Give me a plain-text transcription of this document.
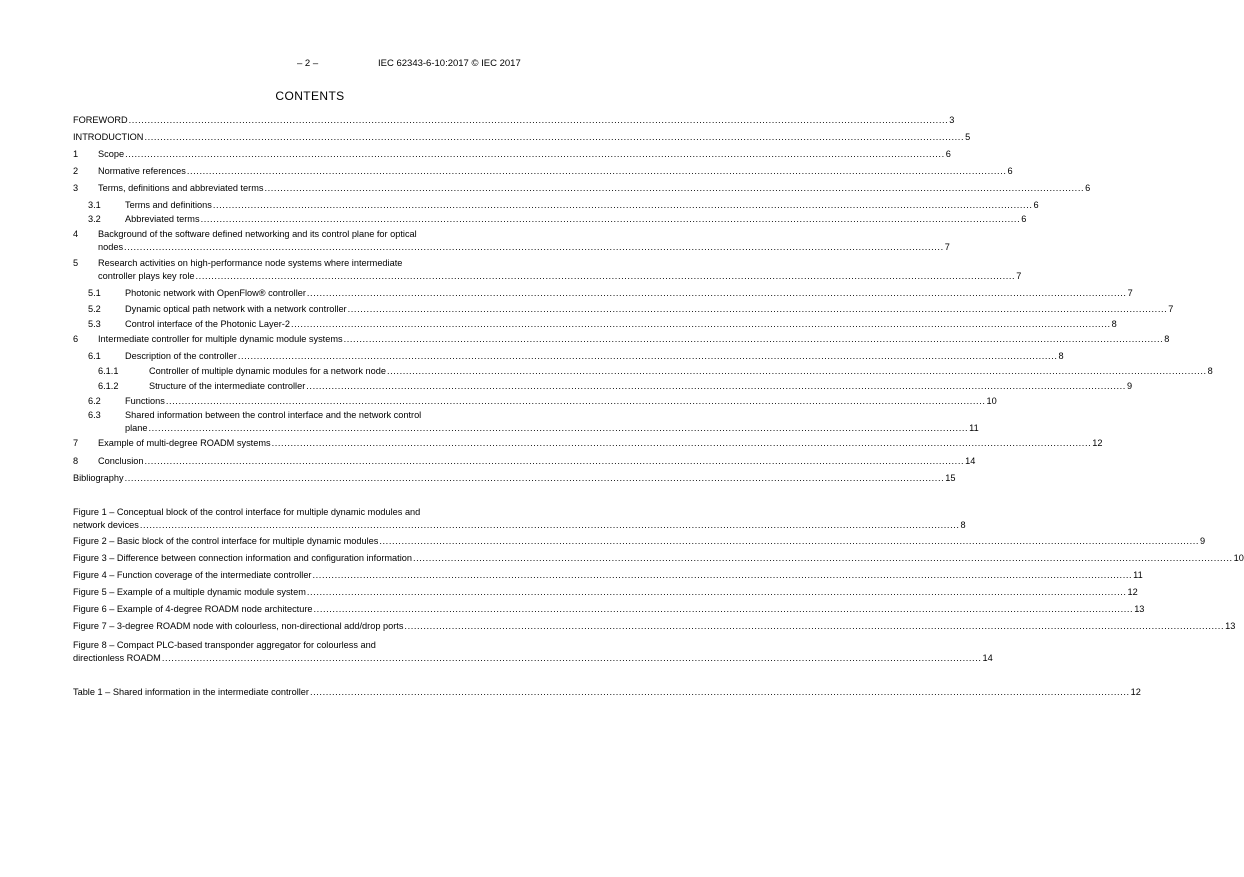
– 2 –	IEC 62343-6-10:2017 © IEC 2017
CONTENTS
FOREWORD .................................................................................................................................................................................................................................................................... 3
INTRODUCTION .................................................................................................................................................................................................................................................................... 5
1 Scope .................................................................................................................................................................................................................................................................... 6
2 Normative references .................................................................................................................................................................................................................................................................... 6
3 Terms, definitions and abbreviated terms .................................................................................................................................................................................................................................................................... 6
3.1	Terms and definitions .................................................................................................................................................................................................................................................................... 6
3.2	Abbreviated terms .................................................................................................................................................................................................................................................................... 6
4	Background of the software defined networking and its control plane for optical
nodes .................................................................................................................................................................................................................................................................... 7
5	Research activities on high-performance node systems where intermediate
controller plays key role .................................................................................................................................................................................................................................................................... 7
5.1	Photonic network with OpenFlow® controller .................................................................................................................................................................................................................................................................... 7
5.2	Dynamic optical path network with a network controller .................................................................................................................................................................................................................................................................... 7
5.3	Control interface of the Photonic Layer-2 .................................................................................................................................................................................................................................................................... 8
6 Intermediate controller for multiple dynamic module systems .................................................................................................................................................................................................................................................................... 8
6.1	Description of the controller .................................................................................................................................................................................................................................................................... 8
6.1.1	Controller of multiple dynamic modules for a network node .................................................................................................................................................................................................................................................................... 8
6.1.2	Structure of the intermediate controller .................................................................................................................................................................................................................................................................... 9
6.2	Functions .................................................................................................................................................................................................................................................................... 10
6.3	Shared information between the control interface and the network control
plane .................................................................................................................................................................................................................................................................... 11
7 Example of multi-degree ROADM systems .................................................................................................................................................................................................................................................................... 12
8 Conclusion .................................................................................................................................................................................................................................................................... 14
Bibliography .................................................................................................................................................................................................................................................................... 15
Figure 1 – Conceptual block of the control interface for multiple dynamic modules and
network devices .................................................................................................................................................................................................................................................................... 8
Figure 2 – Basic block of the control interface for multiple dynamic modules .................................................................................................................................................................................................................................................................... 9
Figure 3 – Difference between connection information and configuration information .................................................................................................................................................................................................................................................................... 10
Figure 4 – Function coverage of the intermediate controller .................................................................................................................................................................................................................................................................... 11
Figure 5 – Example of a multiple dynamic module system .................................................................................................................................................................................................................................................................... 12
Figure 6 – Example of 4-degree ROADM node architecture .................................................................................................................................................................................................................................................................... 13
Figure 7 – 3-degree ROADM node with colourless, non-directional add/drop ports .................................................................................................................................................................................................................................................................... 13
Figure 8 – Compact PLC-based transponder aggregator for colourless and
directionless ROADM .................................................................................................................................................................................................................................................................... 14
Table 1 – Shared information in the intermediate controller .................................................................................................................................................................................................................................................................... 12
